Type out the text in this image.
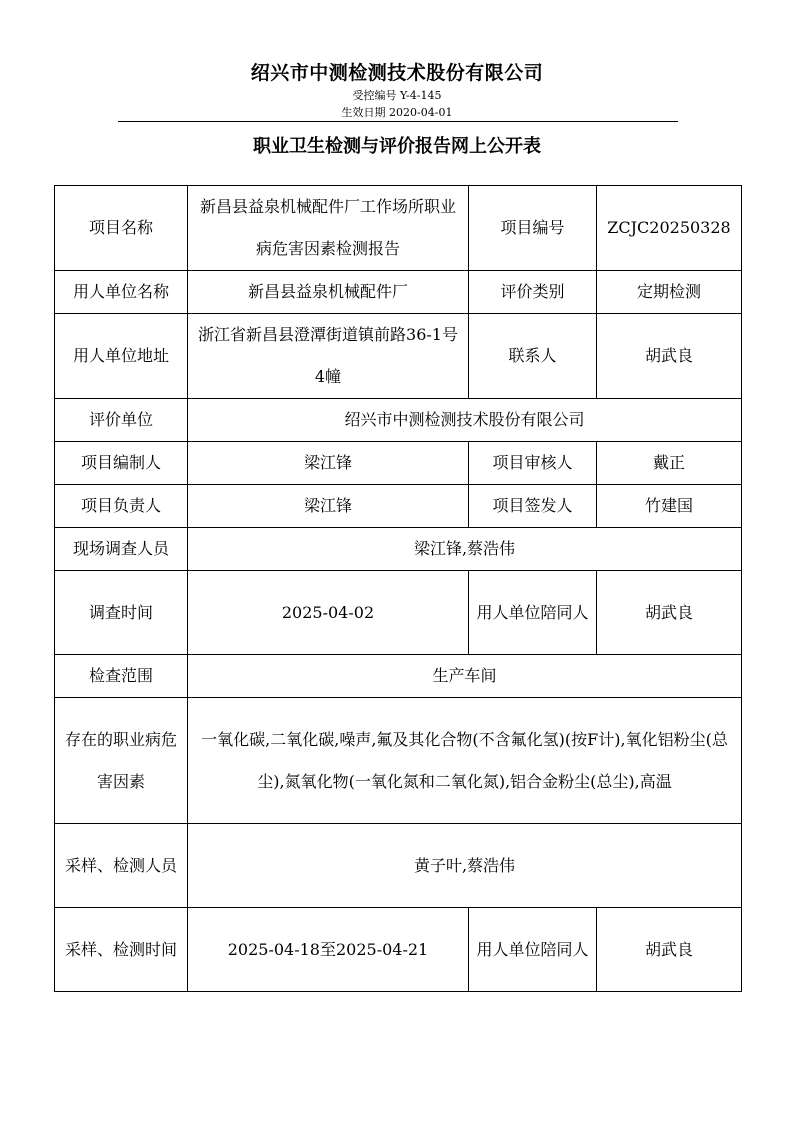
绍兴市中测检测技术股份有限公司
受控编号 Y-4-145
生效日期 2020-04-01
职业卫生检测与评价报告网上公开表
项目名称	新昌县益泉机械配件厂工作场所职业病危害因素检测报告	项目编号	ZCJC20250328
用人单位名称	新昌县益泉机械配件厂	评价类别	定期检测
用人单位地址	浙江省新昌县澄潭街道镇前路36-1号4幢	联系人	胡武良
评价单位	绍兴市中测检测技术股份有限公司		
项目编制人	梁江锋	项目审核人	戴正
项目负责人	梁江锋	项目签发人	竹建国
现场调查人员	梁江锋,蔡浩伟		
调查时间	2025-04-02	用人单位陪同人	胡武良
检查范围	生产车间		
存在的职业病危害因素	一氧化碳,二氧化碳,噪声,氟及其化合物(不含氟化氢)(按F计),氧化铝粉尘(总尘),氮氧化物(一氧化氮和二氧化氮),铝合金粉尘(总尘),高温		
采样、检测人员	黄子叶,蔡浩伟		
采样、检测时间	2025-04-18至2025-04-21	用人单位陪同人	胡武良
